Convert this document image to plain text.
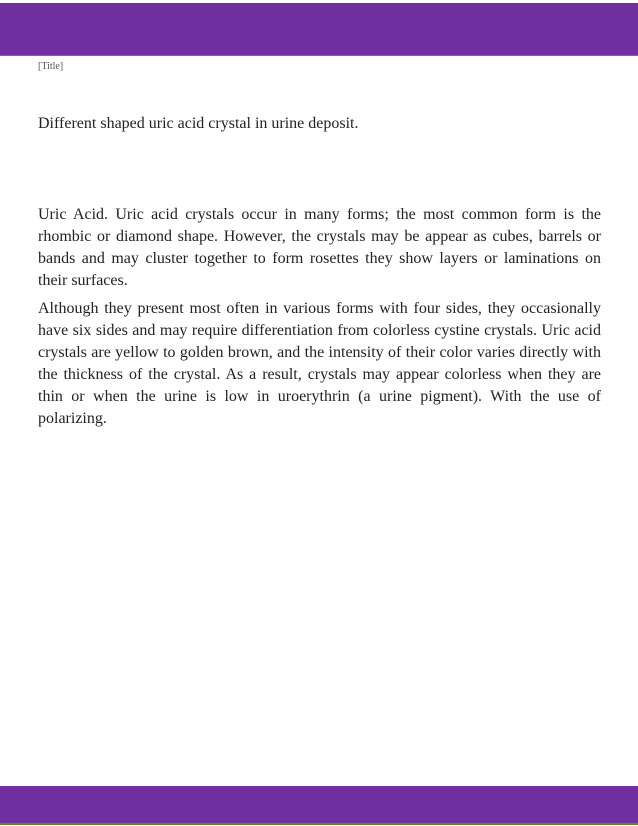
[Title]
Different shaped uric acid crystal in urine deposit.

Uric Acid. Uric acid crystals occur in many forms; the most common form is the rhombic or diamond shape. However, the crystals may be appear as cubes, barrels or bands and may cluster together to form rosettes they show layers or laminations on their surfaces.

Although they present most often in various forms with four sides, they occasionally have six sides and may require differentiation from colorless cystine crystals. Uric acid crystals are yellow to golden brown, and the intensity of their color varies directly with the thickness of the crystal. As a result, crystals may appear colorless when they are thin or when the urine is low in uroerythrin (a urine pigment). With the use of polarizing.
